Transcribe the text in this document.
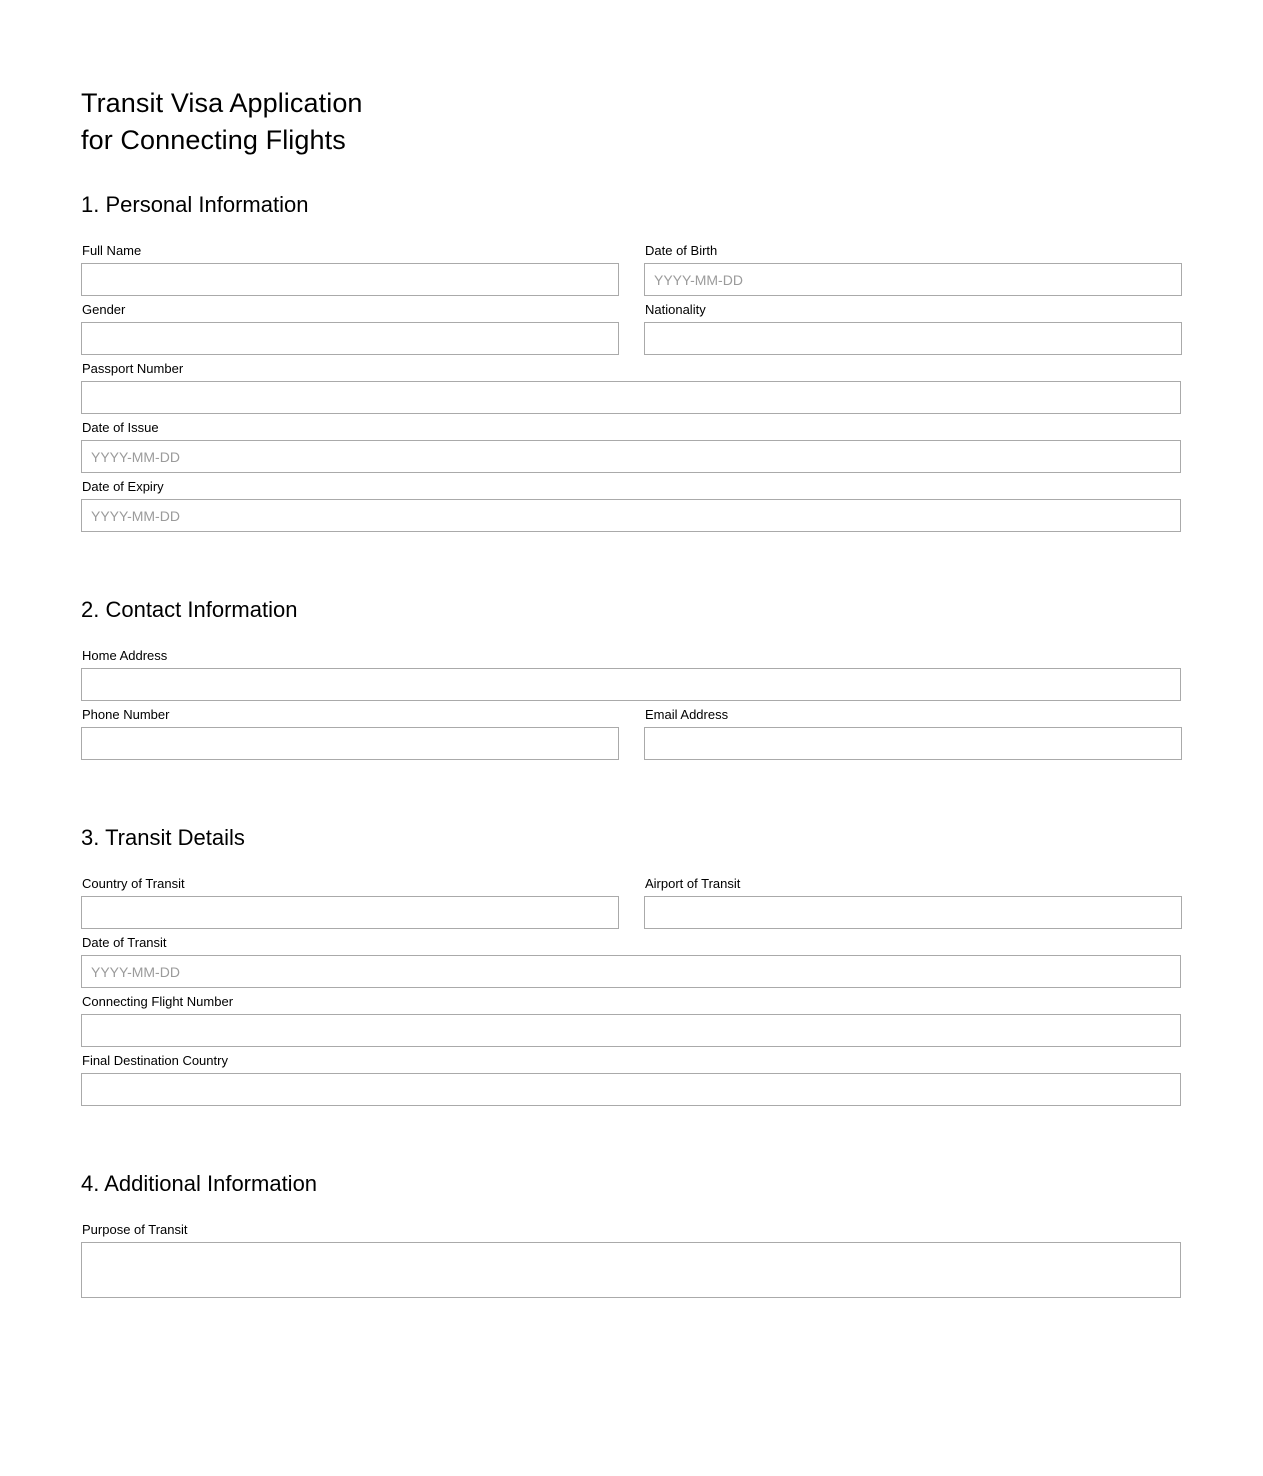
Transit Visa Application
for Connecting Flights
1. Personal Information
Full Name	Date of Birth
YYYY-MM-DD
Gender	Nationality
Passport Number
Date of Issue
YYYY-MM-DD
Date of Expiry
YYYY-MM-DD
2. Contact Information
Home Address
Phone Number	Email Address
3. Transit Details
Country of Transit	Airport of Transit
Date of Transit
YYYY-MM-DD
Connecting Flight Number
Final Destination Country
4. Additional Information
Purpose of Transit
